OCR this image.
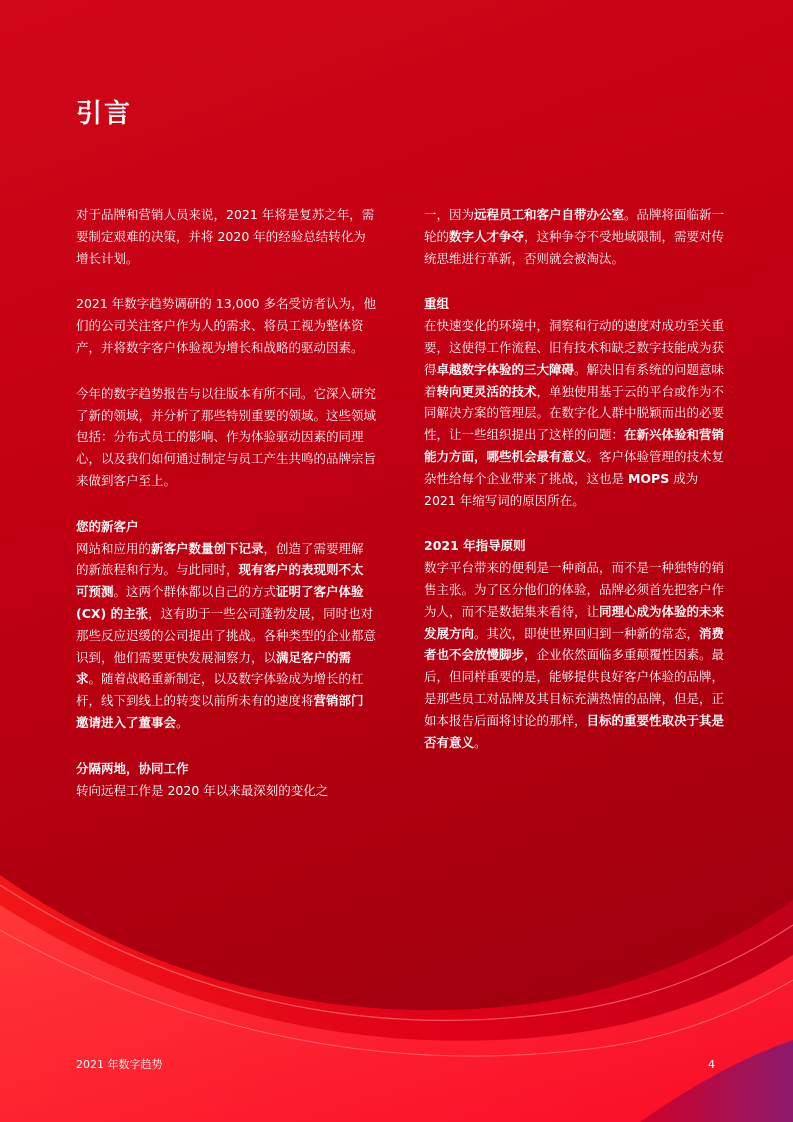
引言
对于品牌和营销人员来说，2021 年将是复苏之年，需要制定艰难的决策，并将 2020 年的经验总结转化为增长计划。
2021 年数字趋势调研的 13,000 多名受访者认为，他们的公司关注客户作为人的需求、将员工视为整体资产，并将数字客户体验视为增长和战略的驱动因素。
今年的数字趋势报告与以往版本有所不同。它深入研究了新的领域，并分析了那些特别重要的领域。这些领域包括：分布式员工的影响、作为体验驱动因素的同理心，以及我们如何通过制定与员工产生共鸣的品牌宗旨来做到客户至上。
您的新客户
网站和应用的新客户数量创下记录，创造了需要理解的新旅程和行为。与此同时，现有客户的表现则不太可预测。这两个群体都以自己的方式证明了客户体验 (CX) 的主张，这有助于一些公司蓬勃发展，同时也对那些反应迟缓的公司提出了挑战。各种类型的企业都意识到，他们需要更快发展洞察力，以满足客户的需求。随着战略重新制定，以及数字体验成为增长的杠杆，线下到线上的转变以前所未有的速度将营销部门邀请进入了董事会。
分隔两地，协同工作
转向远程工作是 2020 年以来最深刻的变化之
一，因为远程员工和客户自带办公室。品牌将面临新一轮的数字人才争夺，这种争夺不受地域限制，需要对传统思维进行革新，否则就会被淘汰。
重组
在快速变化的环境中，洞察和行动的速度对成功至关重要，这使得工作流程、旧有技术和缺乏数字技能成为获得卓越数字体验的三大障碍。解决旧有系统的问题意味着转向更灵活的技术，单独使用基于云的平台或作为不同解决方案的管理层。在数字化人群中脱颖而出的必要性，让一些组织提出了这样的问题：在新兴体验和营销能力方面，哪些机会最有意义。客户体验管理的技术复杂性给每个企业带来了挑战，这也是 MOPS 成为 2021 年缩写词的原因所在。
2021 年指导原则
数字平台带来的便利是一种商品，而不是一种独特的销售主张。为了区分他们的体验，品牌必须首先把客户作为人，而不是数据集来看待，让同理心成为体验的未来发展方向。其次，即使世界回归到一种新的常态，消费者也不会放慢脚步，企业依然面临多重颠覆性因素。最后，但同样重要的是，能够提供良好客户体验的品牌，是那些员工对品牌及其目标充满热情的品牌，但是，正如本报告后面将讨论的那样，目标的重要性取决于其是否有意义。
2021 年数字趋势	4
